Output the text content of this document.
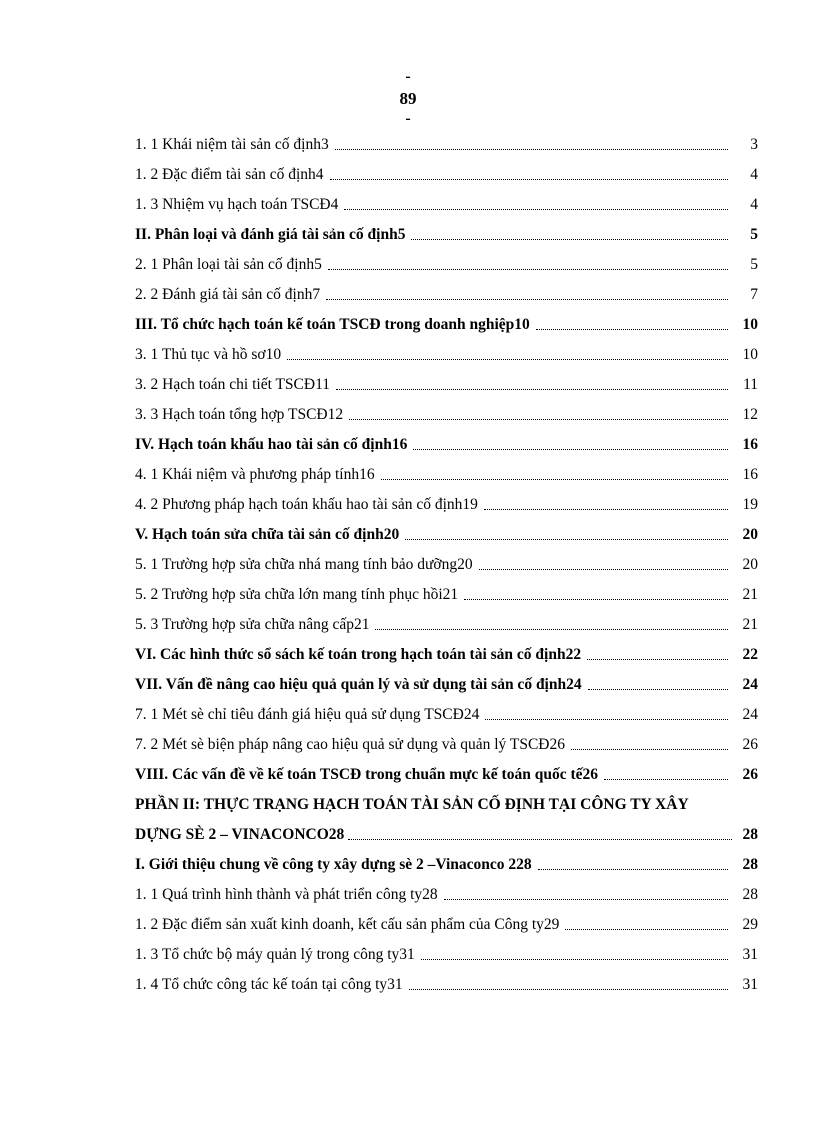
-
89
-
1. 1 Khái niệm tài sản cố định3	3
1. 2 Đặc điểm tài sản cố định4	4
1. 3 Nhiệm vụ hạch toán TSCĐ4	4
II. Phân loại và đánh giá tài sản cố định5	5
2. 1 Phân loại tài sản cố định5	5
2. 2 Đánh giá tài sản cố định7	7
III. Tổ chức hạch toán kế toán TSCĐ trong doanh nghiệp10	10
3. 1 Thủ tục và hồ sơ10	10
3. 2 Hạch toán chi tiết TSCĐ11	11
3. 3 Hạch toán tổng hợp TSCĐ12	12
IV. Hạch toán khấu hao tài sản cố định16	16
4. 1 Khái niệm và phương pháp tính16	16
4. 2 Phương pháp hạch toán khấu hao tài sản cố định19	19
V. Hạch toán sửa chữa tài sản cố định20	20
5. 1 Trường hợp sửa chữa nhá mang tính bảo dưỡng20	20
5. 2 Trường hợp sửa chữa lớn mang tính phục hồi21	21
5. 3 Trường hợp sửa chữa nâng cấp21	21
VI. Các hình thức sổ sách kế toán trong hạch toán tài sản cố định22	22
VII. Vấn đề nâng cao hiệu quả quản lý và sử dụng tài sản cố định24	24
7. 1 Mét sè chỉ tiêu đánh giá hiệu quả sử dụng TSCĐ24	24
7. 2 Mét sè biện pháp nâng cao hiệu quả sử dụng và quản lý TSCĐ26	26
VIII. Các vấn đề về kế toán TSCĐ trong chuẩn mực kế toán quốc tế26	26
PHẦN II: THỰC TRẠNG HẠCH TOÁN TÀI SẢN CỐ ĐỊNH TẠI CÔNG TY XÂY
DỰNG SÈ 2 – VINACONCO28	28
I. Giới thiệu chung về công ty xây dựng sè 2 –Vinaconco 228	28
1. 1 Quá trình hình thành và phát triển công ty28	28
1. 2 Đặc điểm sản xuất kinh doanh, kết cấu sản phẩm của Công ty29	29
1. 3 Tổ chức bộ máy quản lý trong công ty31	31
1. 4 Tổ chức công tác kế toán tại công ty31	31
